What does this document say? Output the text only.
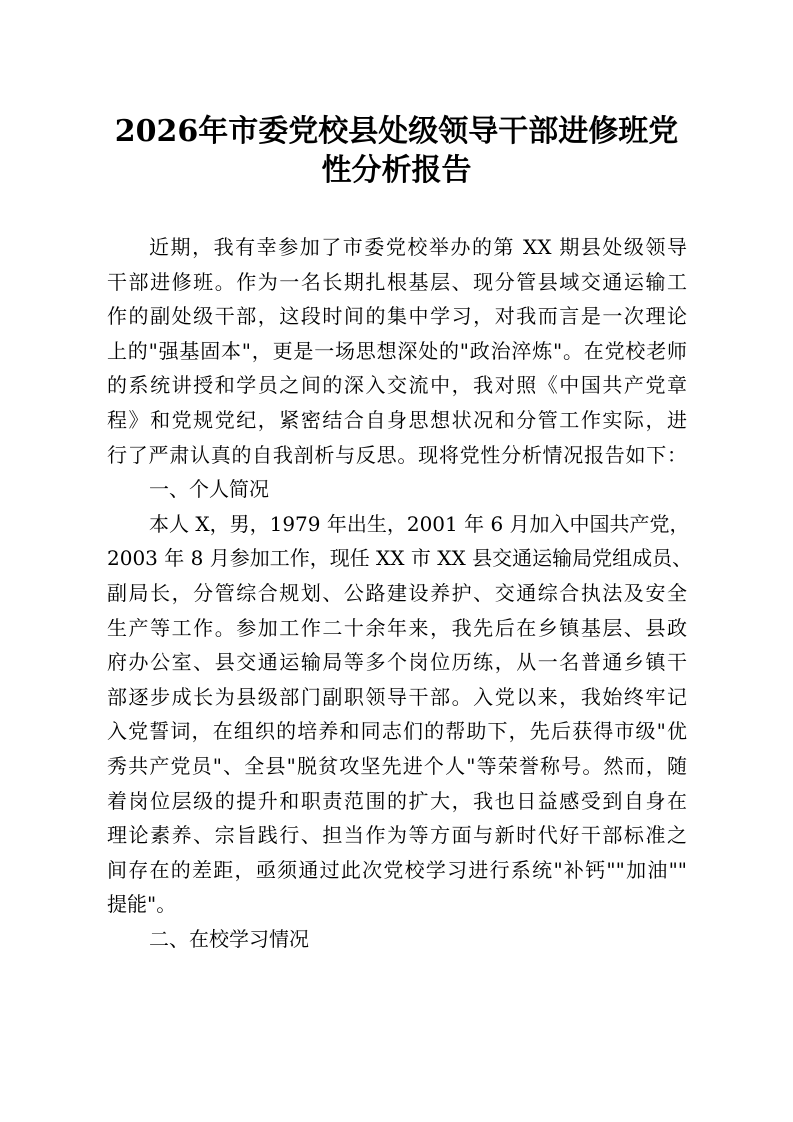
2026年市委党校县处级领导干部进修班党
性分析报告
近期，我有幸参加了市委党校举办的第 XX 期县处级领导
干部进修班。作为一名长期扎根基层、现分管县域交通运输工
作的副处级干部，这段时间的集中学习，对我而言是一次理论
上的"强基固本"，更是一场思想深处的"政治淬炼"。在党校老师
的系统讲授和学员之间的深入交流中，我对照《中国共产党章
程》和党规党纪，紧密结合自身思想状况和分管工作实际，进
行了严肃认真的自我剖析与反思。现将党性分析情况报告如下：
一、个人简况
本人 X，男，1979 年出生，2001 年 6 月加入中国共产党，
2003 年 8 月参加工作，现任 XX 市 XX 县交通运输局党组成员、
副局长，分管综合规划、公路建设养护、交通综合执法及安全
生产等工作。参加工作二十余年来，我先后在乡镇基层、县政
府办公室、县交通运输局等多个岗位历练，从一名普通乡镇干
部逐步成长为县级部门副职领导干部。入党以来，我始终牢记
入党誓词，在组织的培养和同志们的帮助下，先后获得市级"优
秀共产党员"、全县"脱贫攻坚先进个人"等荣誉称号。然而，随
着岗位层级的提升和职责范围的扩大，我也日益感受到自身在
理论素养、宗旨践行、担当作为等方面与新时代好干部标准之
间存在的差距，亟须通过此次党校学习进行系统"补钙""加油""
提能"。
二、在校学习情况
